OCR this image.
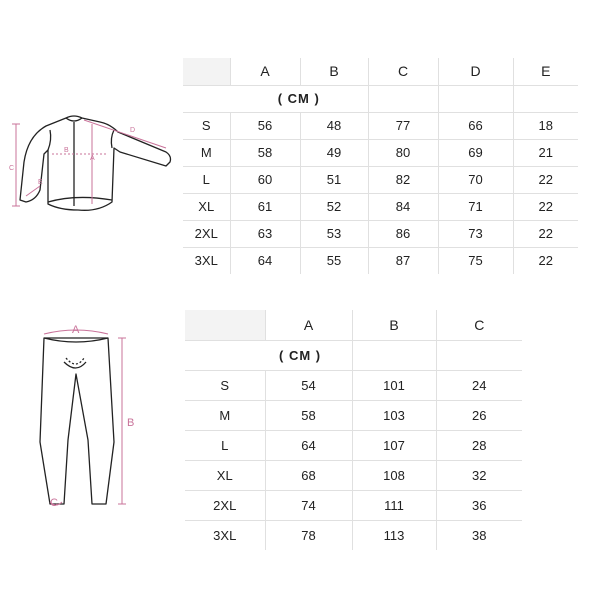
A
B
C
D
E
	A	B	C	D	E
	( CM )				
S	56	48	77	66	18
M	58	49	80	69	21
L	60	51	82	70	22
XL	61	52	84	71	22
2XL	63	53	86	73	22
3XL	64	55	87	75	22
A
B
C
	A	B	C
	( CM )		
S	54	101	24
M	58	103	26
L	64	107	28
XL	68	108	32
2XL	74	111	36
3XL	78	113	38
